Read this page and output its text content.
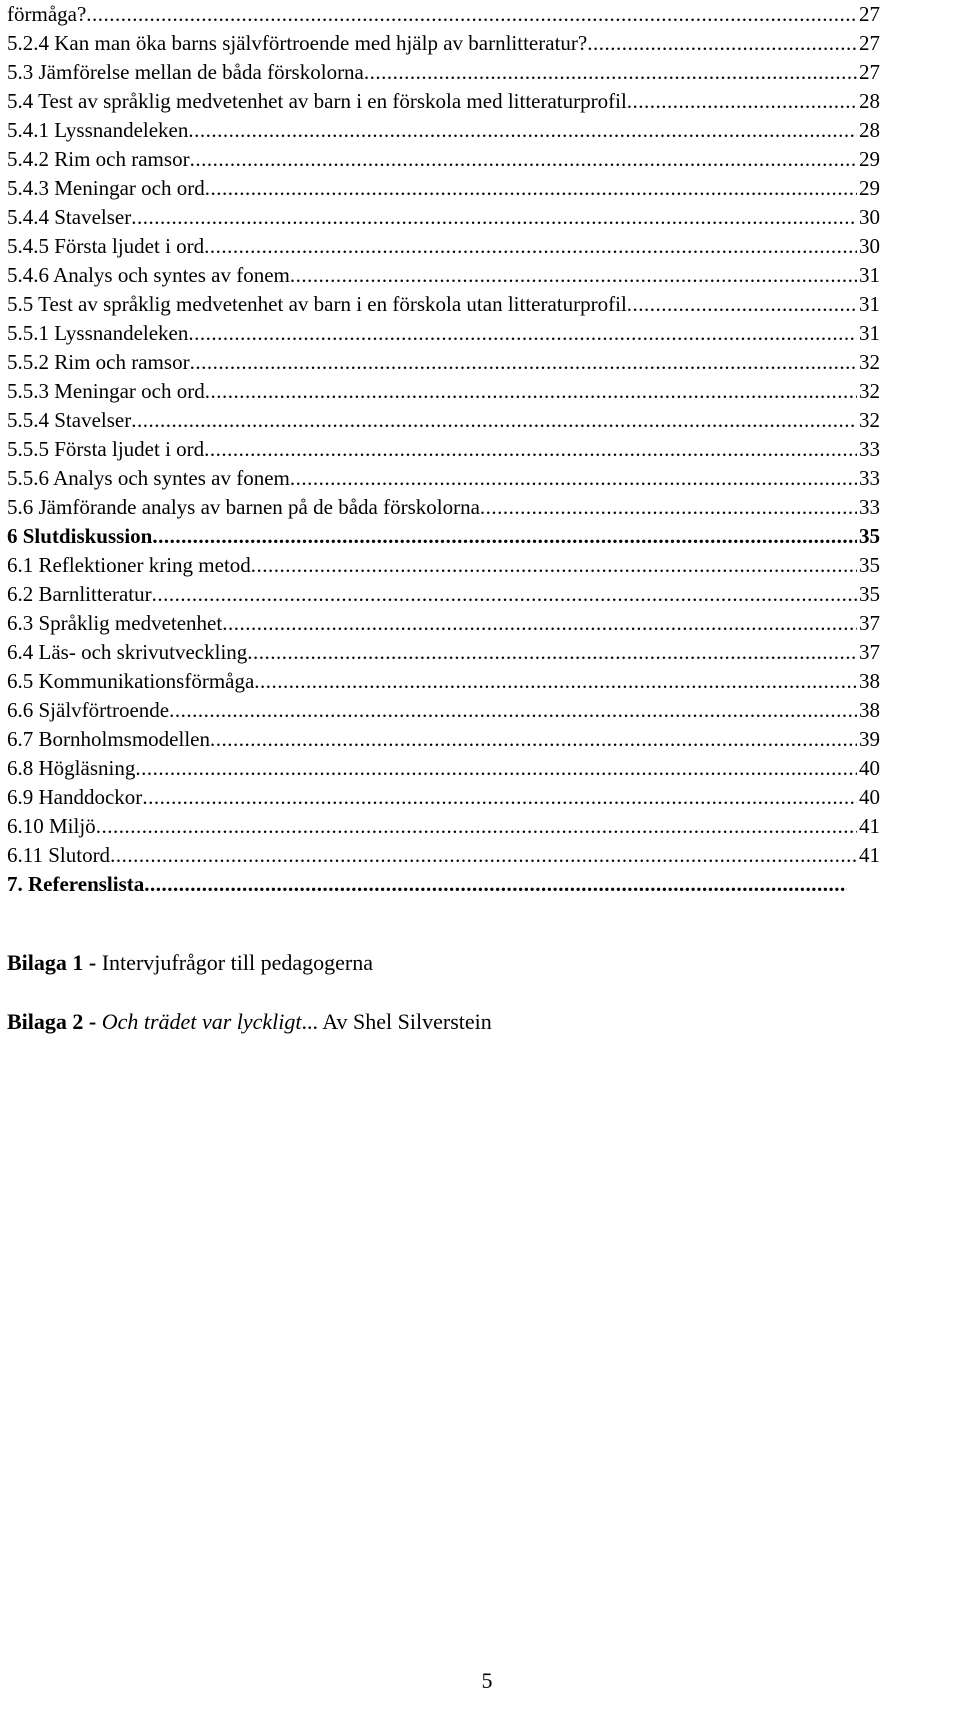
förmåga? .....	27
5.2.4 Kan man öka barns självförtroende med hjälp av barnlitteratur? .....	27
5.3 Jämförelse mellan de båda förskolorna .....	27
5.4 Test av språklig medvetenhet av barn i en förskola med litteraturprofil .....	28
5.4.1 Lyssnandeleken .....	28
5.4.2 Rim och ramsor .....	29
5.4.3 Meningar och ord .....	29
5.4.4 Stavelser .....	30
5.4.5 Första ljudet i ord .....	30
5.4.6 Analys och syntes av fonem .....	31
5.5 Test av språklig medvetenhet av barn i en förskola utan litteraturprofil .....	31
5.5.1 Lyssnandeleken .....	31
5.5.2 Rim och ramsor .....	32
5.5.3 Meningar och ord .....	32
5.5.4 Stavelser .....	32
5.5.5 Första ljudet i ord .....	33
5.5.6 Analys och syntes av fonem .....	33
5.6 Jämförande analys av barnen på de båda förskolorna .....	33
6 Slutdiskussion .....	35
6.1 Reflektioner kring metod .....	35
6.2 Barnlitteratur .....	35
6.3 Språklig medvetenhet .....	37
6.4 Läs- och skrivutveckling .....	37
6.5 Kommunikationsförmåga .....	38
6.6 Självförtroende .....	38
6.7 Bornholmsmodellen .....	39
6.8 Högläsning .....	40
6.9 Handdockor .....	40
6.10 Miljö .....	41
6.11 Slutord .....	41
7. Referenslista
.....
Bilaga 1 - Intervjufrågor till pedagogerna
Bilaga 2 - Och trädet var lyckligt... Av Shel Silverstein
5
